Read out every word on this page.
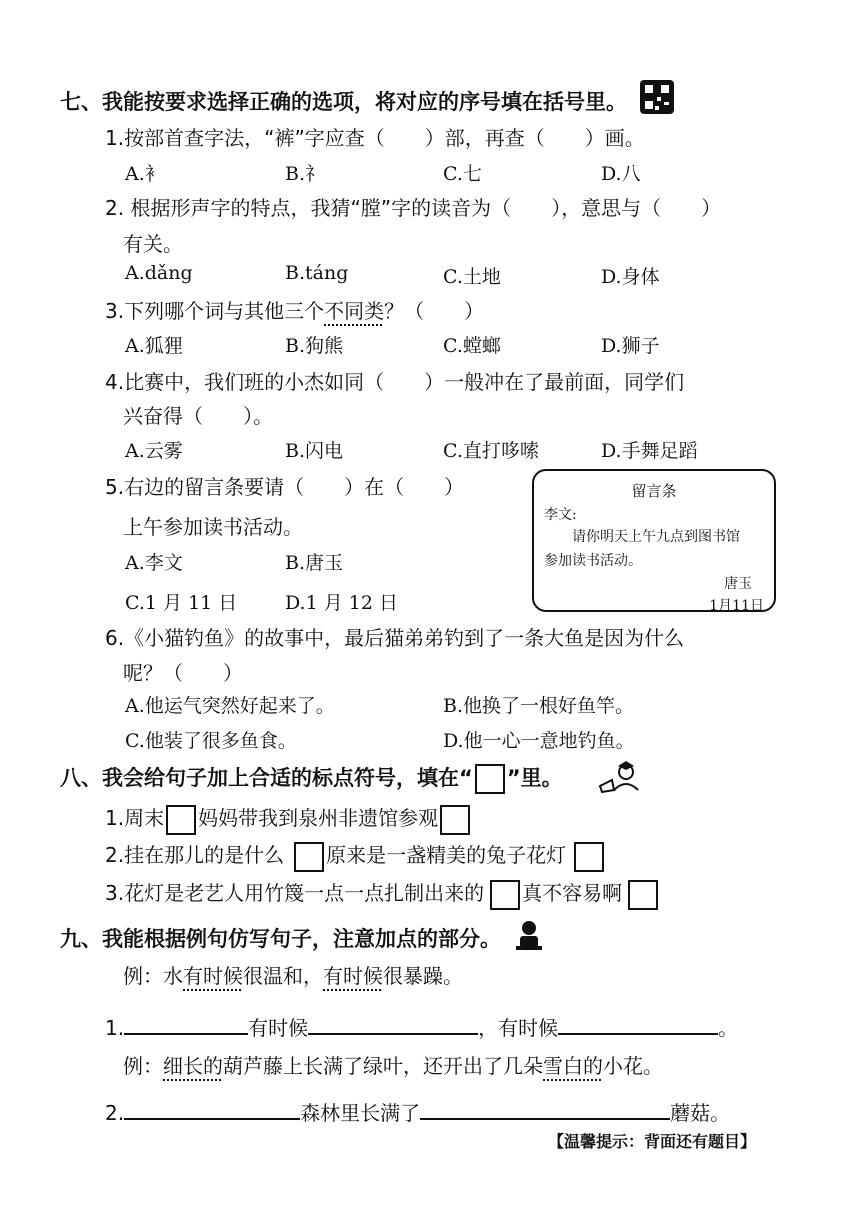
七、我能按要求选择正确的选项，将对应的序号填在括号里。
1.按部首查字法，“裤”字应查（　　）部，再查（　　）画。
A.衤	B.礻	C.七	D.八
2. 根据形声字的特点，我猜“膛”字的读音为（　　），意思与（　　）
有关。
A.dǎng	B.táng	C.土地	D.身体
3.下列哪个词与其他三个不同类？（　　）
A.狐狸	B.狗熊	C.螳螂	D.狮子
4.比赛中，我们班的小杰如同（　　）一般冲在了最前面，同学们
兴奋得（　　）。
A.云雾	B.闪电	C.直打哆嗦	D.手舞足蹈
5.右边的留言条要请（　　）在（　　）
上午参加读书活动。
A.李文	B.唐玉
C.1 月 11 日	D.1 月 12 日
留言条
李文:
请你明天上午九点到图书馆
参加读书活动。
唐玉
1月11日
6.《小猫钓鱼》的故事中，最后猫弟弟钓到了一条大鱼是因为什么
呢？（　　）
A.他运气突然好起来了。	B.他换了一根好鱼竿。
C.他装了很多鱼食。	D.他一心一意地钓鱼。
八、我会给句子加上合适的标点符号，填在“ ”里。
1.周末 妈妈带我到泉州非遗馆参观
2.挂在那儿的是什么 原来是一盏精美的兔子花灯
3.花灯是老艺人用竹篾一点一点扎制出来的 真不容易啊
九、我能根据例句仿写句子，注意加点的部分。
例：水有时候很温和，有时候很暴躁。
1.	有时候	，有时候	。
例：细长的葫芦藤上长满了绿叶，还开出了几朵雪白的小花。
2.	森林里长满了	蘑菇。
【温馨提示：背面还有题目】
